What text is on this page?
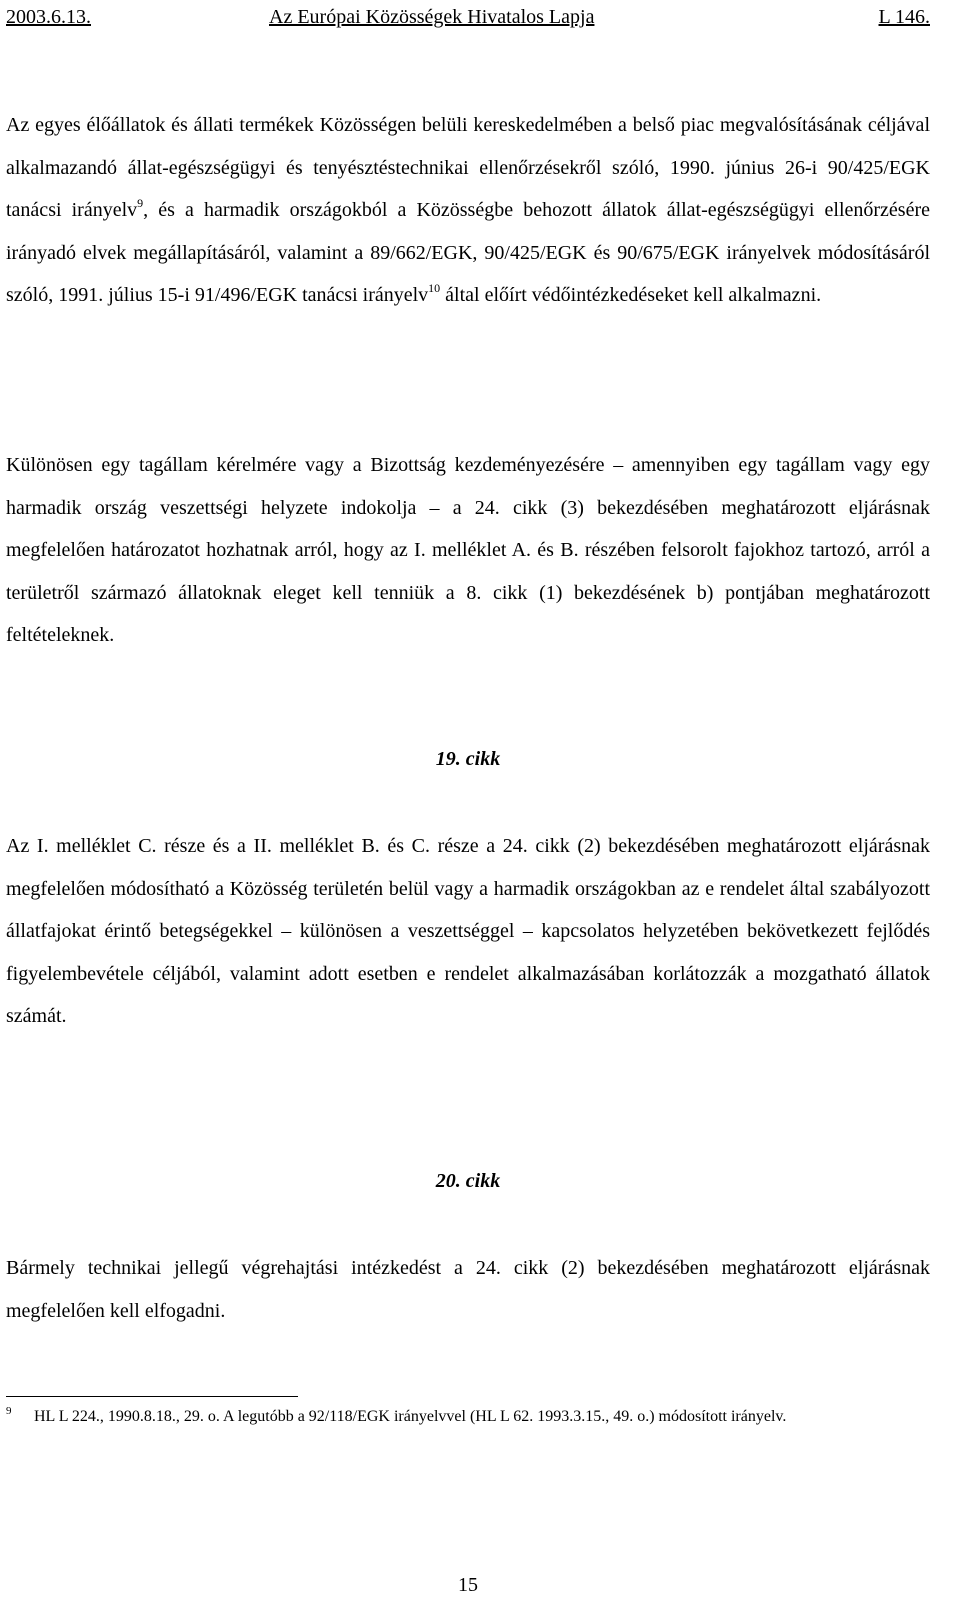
2003.6.13.	Az Európai Közösségek Hivatalos Lapja	L 146.

Az egyes élőállatok és állati termékek Közösségen belüli kereskedelmében a belső piac megvalósításának céljával alkalmazandó állat-egészségügyi és tenyésztéstechnikai ellenőrzésekről szóló, 1990. június 26-i 90/425/EGK tanácsi irányelv$^9$, és a harmadik országokból a Közösségbe behozott állatok állat-egészségügyi ellenőrzésére irányadó elvek megállapításáról, valamint a 89/662/EGK, 90/425/EGK és 90/675/EGK irányelvek módosításáról szóló, 1991. július 15-i 91/496/EGK tanácsi irányelv$^{10}$ által előírt védőintézkedéseket kell alkalmazni.

Különösen egy tagállam kérelmére vagy a Bizottság kezdeményezésére – amennyiben egy tagállam vagy egy harmadik ország veszettségi helyzete indokolja – a 24. cikk (3) bekezdésében meghatározott eljárásnak megfelelően határozatot hozhatnak arról, hogy az I. melléklet A. és B. részében felsorolt fajokhoz tartozó, arról a területről származó állatoknak eleget kell tenniük a 8. cikk (1) bekezdésének b) pontjában meghatározott feltételeknek.

19. cikk

Az I. melléklet C. része és a II. melléklet B. és C. része a 24. cikk (2) bekezdésében meghatározott eljárásnak megfelelően módosítható a Közösség területén belül vagy a harmadik országokban az e rendelet által szabályozott állatfajokat érintő betegségekkel – különösen a veszettséggel – kapcsolatos helyzetében bekövetkezett fejlődés figyelembevétele céljából, valamint adott esetben e rendelet alkalmazásában korlátozzák a mozgatható állatok számát.

20. cikk

Bármely technikai jellegű végrehajtási intézkedést a 24. cikk (2) bekezdésében meghatározott eljárásnak megfelelően kell elfogadni.

9 HL L 224., 1990.8.18., 29. o. A legutóbb a 92/118/EGK irányelvvel (HL L 62. 1993.3.15., 49. o.) módosított irányelv.

15
